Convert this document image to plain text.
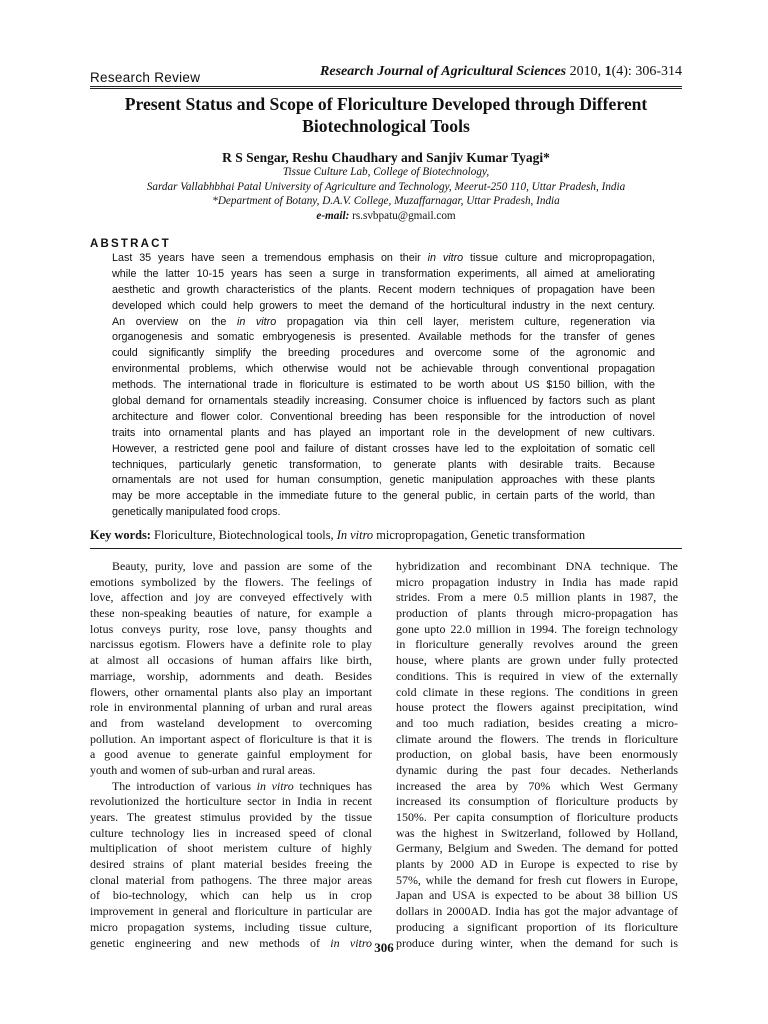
Research Review	Research Journal of Agricultural Sciences 2010, 1(4): 306-314
Present Status and Scope of Floriculture Developed through Different
Biotechnological Tools
R S Sengar, Reshu Chaudhary and Sanjiv Kumar Tyagi*
Tissue Culture Lab, College of Biotechnology,
Sardar Vallabhbhai Patal University of Agriculture and Technology, Meerut-250 110, Uttar Pradesh, India
*Department of Botany, D.A.V. College, Muzaffarnagar, Uttar Pradesh, India
e-mail: rs.svbpatu@gmail.com
ABSTRACT
Last 35 years have seen a tremendous emphasis on their in vitro tissue culture and micropropagation,
while the latter 10-15 years has seen a surge in transformation experiments, all aimed at ameliorating
aesthetic and growth characteristics of the plants. Recent modern techniques of propagation have been
developed which could help growers to meet the demand of the horticultural industry in the next century.
An overview on the in vitro propagation via thin cell layer, meristem culture, regeneration via
organogenesis and somatic embryogenesis is presented. Available methods for the transfer of genes
could significantly simplify the breeding procedures and overcome some of the agronomic and
environmental problems, which otherwise would not be achievable through conventional propagation
methods. The international trade in floriculture is estimated to be worth about US $150 billion, with the
global demand for ornamentals steadily increasing. Consumer choice is influenced by factors such as plant
architecture and flower color. Conventional breeding has been responsible for the introduction of novel
traits into ornamental plants and has played an important role in the development of new cultivars.
However, a restricted gene pool and failure of distant crosses have led to the exploitation of somatic cell
techniques, particularly genetic transformation, to generate plants with desirable traits. Because
ornamentals are not used for human consumption, genetic manipulation approaches with these plants
may be more acceptable in the immediate future to the general public, in certain parts of the world, than
genetically manipulated food crops.
Key words: Floriculture, Biotechnological tools, In vitro micropropagation, Genetic transformation
Beauty, purity, love and passion are some of the
emotions symbolized by the flowers. The feelings of
love, affection and joy are conveyed effectively with
these non-speaking beauties of nature, for example a
lotus conveys purity, rose love, pansy thoughts and
narcissus egotism. Flowers have a definite role to play
at almost all occasions of human affairs like birth,
marriage, worship, adornments and death. Besides
flowers, other ornamental plants also play an important
role in environmental planning of urban and rural areas
and from wasteland development to overcoming
pollution. An important aspect of floriculture is that it is
a good avenue to generate gainful employment for
youth and women of sub-urban and rural areas.
The introduction of various in vitro techniques has
revolutionized the horticulture sector in India in recent
years. The greatest stimulus provided by the tissue
culture technology lies in increased speed of clonal
multiplication of shoot meristem culture of highly
desired strains of plant material besides freeing the
clonal material from pathogens. The three major areas
of bio-technology, which can help us in crop
improvement in general and floriculture in particular are
micro propagation systems, including tissue culture,
genetic engineering and new methods of in vitro
hybridization and recombinant DNA technique. The
micro propagation industry in India has made rapid
strides. From a mere 0.5 million plants in 1987, the
production of plants through micro-propagation has
gone upto 22.0 million in 1994. The foreign technology
in floriculture generally revolves around the green
house, where plants are grown under fully protected
conditions. This is required in view of the externally
cold climate in these regions. The conditions in green
house protect the flowers against precipitation, wind
and too much radiation, besides creating a micro-
climate around the flowers. The trends in floriculture
production, on global basis, have been enormously
dynamic during the past four decades. Netherlands
increased the area by 70% which West Germany
increased its consumption of floriculture products by
150%. Per capita consumption of floriculture products
was the highest in Switzerland, followed by Holland,
Germany, Belgium and Sweden. The demand for potted
plants by 2000 AD in Europe is expected to rise by
57%, while the demand for fresh cut flowers in Europe,
Japan and USA is expected to be about 38 billion US
dollars in 2000AD. India has got the major advantage of
producing a significant proportion of its floriculture
produce during winter, when the demand for such is
306
